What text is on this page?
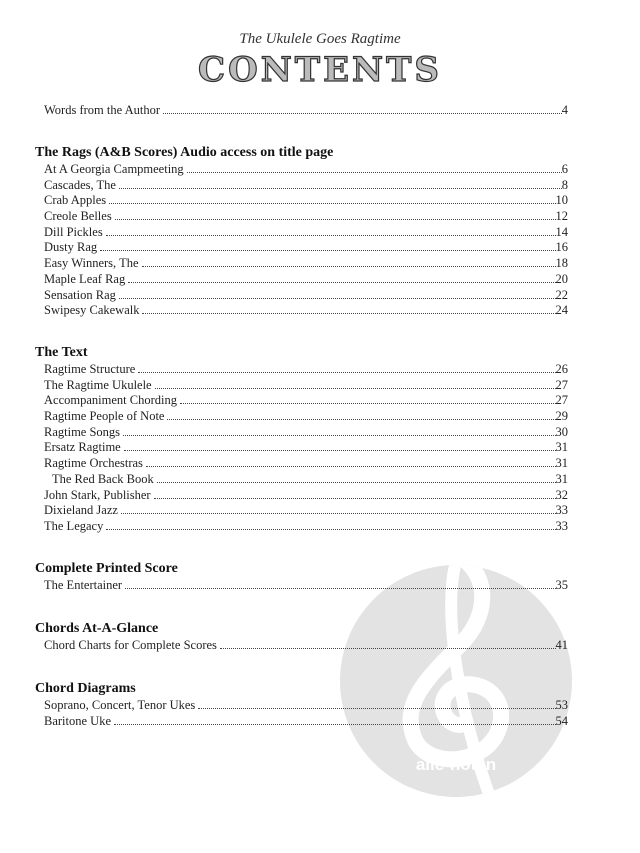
The Ukulele Goes Ragtime
CONTENTS
alle-noten
Words from the Author	4
The Rags (A&B Scores) Audio access on title page
At A Georgia Campmeeting	6
Cascades, The	8
Crab Apples	10
Creole Belles	12
Dill Pickles	14
Dusty Rag	16
Easy Winners, The	18
Maple Leaf Rag	20
Sensation Rag	22
Swipesy Cakewalk	24
The Text
Ragtime Structure	26
The Ragtime Ukulele	27
Accompaniment Chording	27
Ragtime People of Note	29
Ragtime Songs	30
Ersatz Ragtime	31
Ragtime Orchestras	31
The Red Back Book	31
John Stark, Publisher	32
Dixieland Jazz	33
The Legacy	33
Complete Printed Score
The Entertainer	35
Chords At-A-Glance
Chord Charts for Complete Scores	41
Chord Diagrams
Soprano, Concert, Tenor Ukes	53
Baritone Uke	54
